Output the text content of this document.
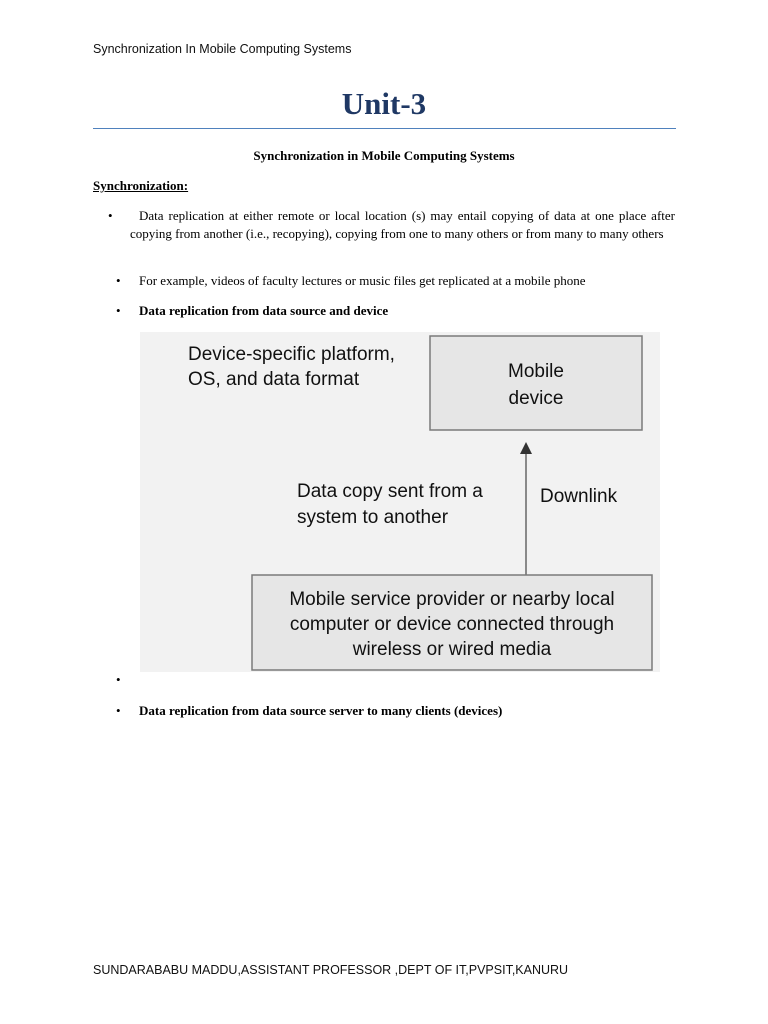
Synchronization In Mobile Computing Systems
Unit-3
Synchronization in Mobile Computing Systems
Synchronization:
•	Data replication at either remote or local location (s) may entail copying of data at one place after copying from another (i.e., recopying), copying from one to many others or from many to many others
• For example, videos of faculty lectures or music files get replicated at a mobile phone
• Data replication from data source and device
Device-specific platform,
OS, and data format	Mobile
device
Data copy sent from a
system to another
Downlink
Mobile service provider or nearby local
computer or device connected through
wireless or wired media
•
• Data replication from data source server to many clients (devices)
SUNDARABABU MADDU,ASSISTANT PROFESSOR ,DEPT OF IT,PVPSIT,KANURU
